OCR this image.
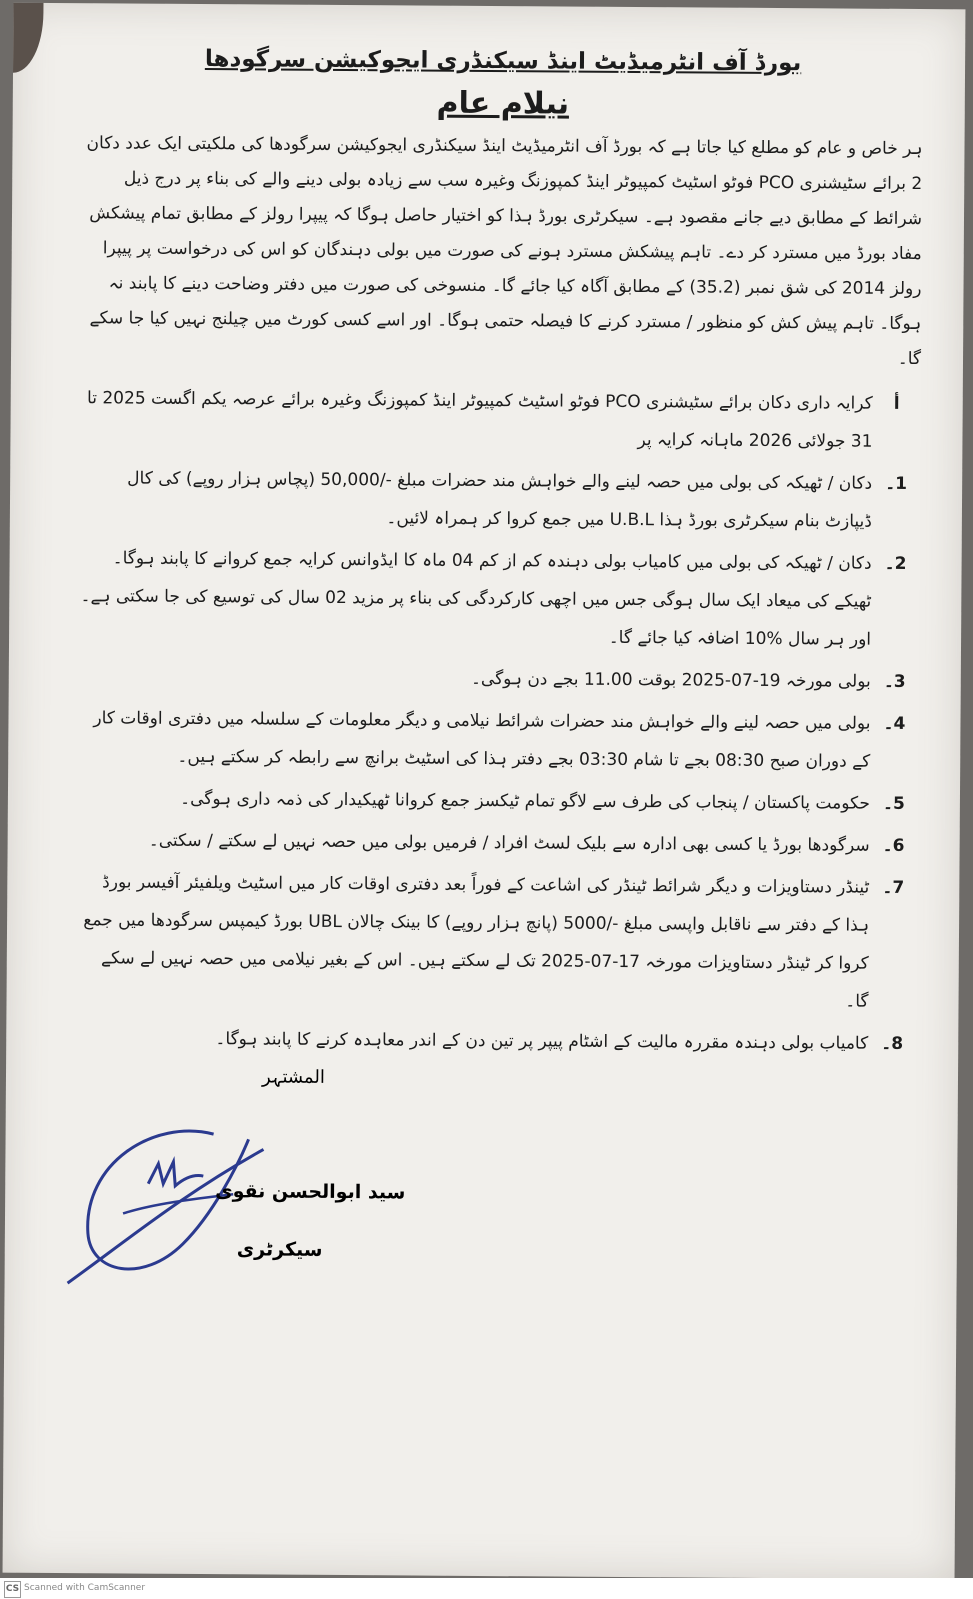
بورڈ آف انٹرمیڈیٹ اینڈ سیکنڈری ایجوکیشن سرگودھا
نیلام عام
ہر خاص و عام کو مطلع کیا جاتا ہے کہ بورڈ آف انٹرمیڈیٹ اینڈ سیکنڈری ایجوکیشن سرگودھا کی ملکیتی ایک عدد دکان 2 برائے سٹیشنری PCO فوٹو اسٹیٹ کمپیوٹر اینڈ کمپوزنگ وغیرہ سب سے زیادہ بولی دینے والے کی بناء پر درج ذیل شرائط کے مطابق دیے جانے مقصود ہے۔ سیکرٹری بورڈ ہذا کو اختیار حاصل ہوگا کہ پیپرا رولز کے مطابق تمام پیشکش مفاد بورڈ میں مسترد کر دے۔ تاہم پیشکش مسترد ہونے کی صورت میں بولی دہندگان کو اس کی درخواست پر پیپرا رولز 2014 کی شق نمبر (35.2) کے مطابق آگاہ کیا جائے گا۔ منسوخی کی صورت میں دفتر وضاحت دینے کا پابند نہ ہوگا۔ تاہم پیش کش کو منظور / مسترد کرنے کا فیصلہ حتمی ہوگا۔ اور اسے کسی کورٹ میں چیلنج نہیں کیا جا سکے گا۔
أ
کرایہ داری دکان برائے سٹیشنری PCO فوٹو اسٹیٹ کمپیوٹر اینڈ کمپوزنگ وغیرہ برائے عرصہ یکم اگست 2025 تا 31 جولائی 2026 ماہانہ کرایہ پر
1۔
دکان / ٹھیکہ کی بولی میں حصہ لینے والے خواہش مند حضرات مبلغ -/50,000 (پچاس ہزار روپے) کی کال ڈیپازٹ بنام سیکرٹری بورڈ ہذا U.B.L میں جمع کروا کر ہمراہ لائیں۔
2۔
دکان / ٹھیکہ کی بولی میں کامیاب بولی دہندہ کم از کم 04 ماہ کا ایڈوانس کرایہ جمع کروانے کا پابند ہوگا۔ ٹھیکے کی میعاد ایک سال ہوگی جس میں اچھی کارکردگی کی بناء پر مزید 02 سال کی توسیع کی جا سکتی ہے۔ اور ہر سال %10 اضافہ کیا جائے گا۔
3۔
بولی مورخہ 19-07-2025 بوقت 11.00 بجے دن ہوگی۔
4۔
بولی میں حصہ لینے والے خواہش مند حضرات شرائط نیلامی و دیگر معلومات کے سلسلہ میں دفتری اوقات کار کے دوران صبح 08:30 بجے تا شام 03:30 بجے دفتر ہذا کی اسٹیٹ برانچ سے رابطہ کر سکتے ہیں۔
5۔
حکومت پاکستان / پنجاب کی طرف سے لاگو تمام ٹیکسز جمع کروانا ٹھیکیدار کی ذمہ داری ہوگی۔
6۔
سرگودھا بورڈ یا کسی بھی ادارہ سے بلیک لسٹ افراد / فرمیں بولی میں حصہ نہیں لے سکتے / سکتی۔
7۔
ٹینڈر دستاویزات و دیگر شرائط ٹینڈر کی اشاعت کے فوراً بعد دفتری اوقات کار میں اسٹیٹ ویلفیئر آفیسر بورڈ ہذا کے دفتر سے ناقابل واپسی مبلغ -/5000 (پانچ ہزار روپے) کا بینک چالان UBL بورڈ کیمپس سرگودھا میں جمع کروا کر ٹینڈر دستاویزات مورخہ 17-07-2025 تک لے سکتے ہیں۔ اس کے بغیر نیلامی میں حصہ نہیں لے سکے گا۔
8۔
کامیاب بولی دہندہ مقررہ مالیت کے اشٹام پیپر پر تین دن کے اندر معاہدہ کرنے کا پابند ہوگا۔
المشتہر
سید ابوالحسن نقوی
سیکرٹری
CS Scanned with CamScanner
